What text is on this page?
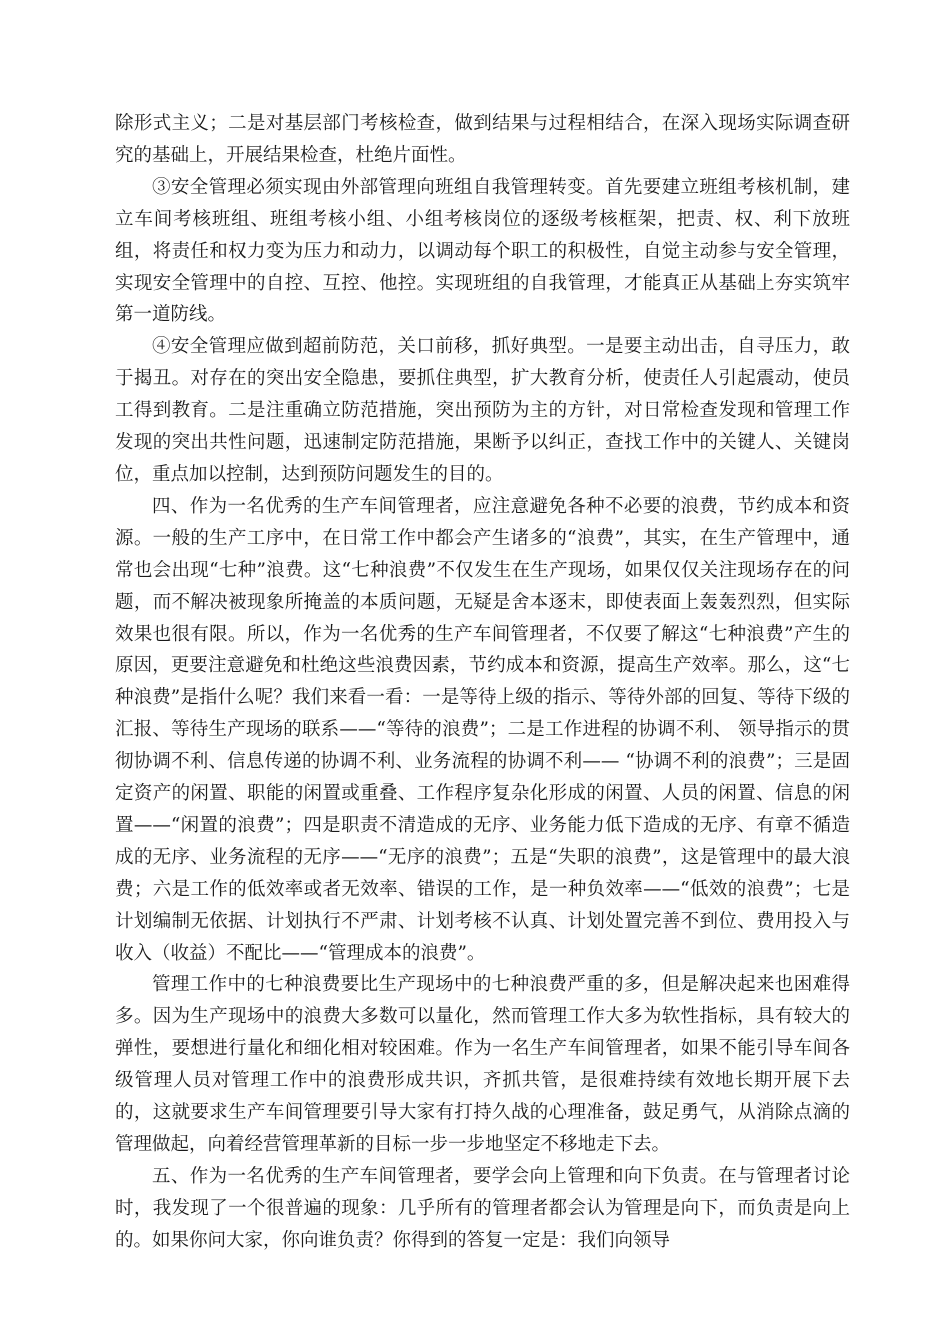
除形式主义；二是对基层部门考核检查，做到结果与过程相结合，在深入现场实际调查研究的基础上，开展结果检查，杜绝片面性。

③安全管理必须实现由外部管理向班组自我管理转变。首先要建立班组考核机制，建立车间考核班组、班组考核小组、小组考核岗位的逐级考核框架，把责、权、利下放班组，将责任和权力变为压力和动力，以调动每个职工的积极性，自觉主动参与安全管理，实现安全管理中的自控、互控、他控。实现班组的自我管理，才能真正从基础上夯实筑牢第一道防线。

④安全管理应做到超前防范，关口前移，抓好典型。一是要主动出击，自寻压力，敢于揭丑。对存在的突出安全隐患，要抓住典型，扩大教育分析，使责任人引起震动，使员工得到教育。二是注重确立防范措施，突出预防为主的方针，对日常检查发现和管理工作发现的突出共性问题，迅速制定防范措施，果断予以纠正，查找工作中的关键人、关键岗位，重点加以控制，达到预防问题发生的目的。

四、作为一名优秀的生产车间管理者，应注意避免各种不必要的浪费，节约成本和资源。一般的生产工序中，在日常工作中都会产生诸多的“浪费”，其实，在生产管理中，通常也会出现“七种”浪费。这“七种浪费”不仅发生在生产现场，如果仅仅关注现场存在的问题，而不解决被现象所掩盖的本质问题，无疑是舍本逐末，即使表面上轰轰烈烈，但实际效果也很有限。所以，作为一名优秀的生产车间管理者，不仅要了解这“七种浪费”产生的原因，更要注意避免和杜绝这些浪费因素，节约成本和资源，提高生产效率。那么，这“七种浪费”是指什么呢？我们来看一看：一是等待上级的指示、等待外部的回复、等待下级的汇报、等待生产现场的联系——“等待的浪费”；二是工作进程的协调不利、 领导指示的贯彻协调不利、信息传递的协调不利、业务流程的协调不利—— “协调不利的浪费”；三是固定资产的闲置、职能的闲置或重叠、工作程序复杂化形成的闲置、人员的闲置、信息的闲置——“闲置的浪费”；四是职责不清造成的无序、业务能力低下造成的无序、有章不循造成的无序、业务流程的无序——“无序的浪费”；五是“失职的浪费”，这是管理中的最大浪费；六是工作的低效率或者无效率、错误的工作，是一种负效率——“低效的浪费”；七是计划编制无依据、计划执行不严肃、计划考核不认真、计划处置完善不到位、费用投入与收入（收益）不配比——“管理成本的浪费”。

管理工作中的七种浪费要比生产现场中的七种浪费严重的多，但是解决起来也困难得多。因为生产现场中的浪费大多数可以量化，然而管理工作大多为软性指标，具有较大的弹性，要想进行量化和细化相对较困难。作为一名生产车间管理者，如果不能引导车间各级管理人员对管理工作中的浪费形成共识，齐抓共管，是很难持续有效地长期开展下去的，这就要求生产车间管理要引导大家有打持久战的心理准备，鼓足勇气，从消除点滴的管理做起，向着经营管理革新的目标一步一步地坚定不移地走下去。

五、作为一名优秀的生产车间管理者，要学会向上管理和向下负责。在与管理者讨论时，我发现了一个很普遍的现象：几乎所有的管理者都会认为管理是向下，而负责是向上的。如果你问大家，你向谁负责？你得到的答复一定是：我们向领导
